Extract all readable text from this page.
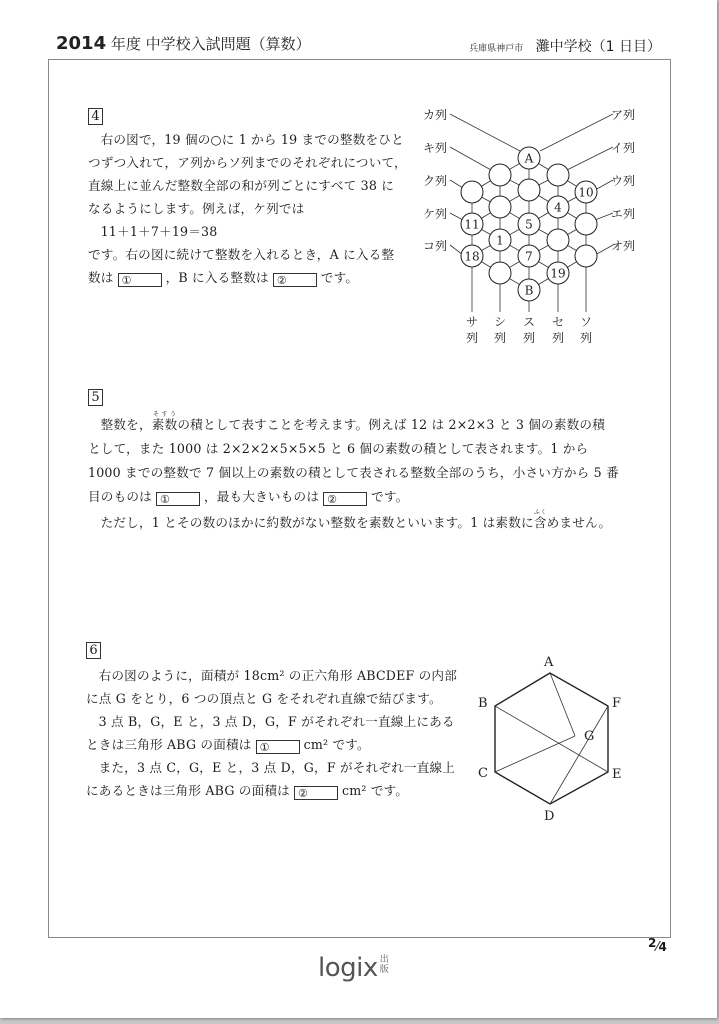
2014 年度 中学校入試問題（算数）	兵庫県神戸市 灘中学校（1 日目）
4
右の図で，19 個の○に 1 から 19 までの整数をひと
つずつ入れて，ア列からソ列までのそれぞれについて，
直線上に並んだ整数全部の和が列ごとにすべて 38 に
なるようにします。例えば，ケ列では
11＋1＋7＋19＝38
です。右の図に続けて整数を入れるとき，A に入る整
数は ①	，B に入る整数は ②	です。
A
10
4
11	5
1
18	7
19
B
カ列
キ列
ク列
ケ列
コ列
ア列
イ列
ウ列
エ列
オ列
サ シ ス セ ソ
列 列 列 列 列
5
整数を，素数そすうの積として表すことを考えます。例えば 12 は 2×2×3 と 3 個の素数の積
として，また 1000 は 2×2×2×5×5×5 と 6 個の素数の積として表されます。1 から
1000 までの整数で 7 個以上の素数の積として表される整数全部のうち，小さい方から 5 番
目のものは ①	，最も大きいものは ②	です。
ただし，1 とその数のほかに約数がない整数を素数といいます。1 は素数に含ふくめません。
6
右の図のように，面積が 18cm² の正六角形 ABCDEF の内部
に点 G をとり，6 つの頂点と G をそれぞれ直線で結びます。
3 点 B，G，E と，3 点 D，G，F がそれぞれ一直線上にある
ときは三角形 ABG の面積は ①	cm² です。
また，3 点 C，G，E と，3 点 D，G，F がそれぞれ一直線上
にあるときは三角形 ABG の面積は ②	cm² です。
A
B
C
D
E
F
G
2⁄4
logix 出版
